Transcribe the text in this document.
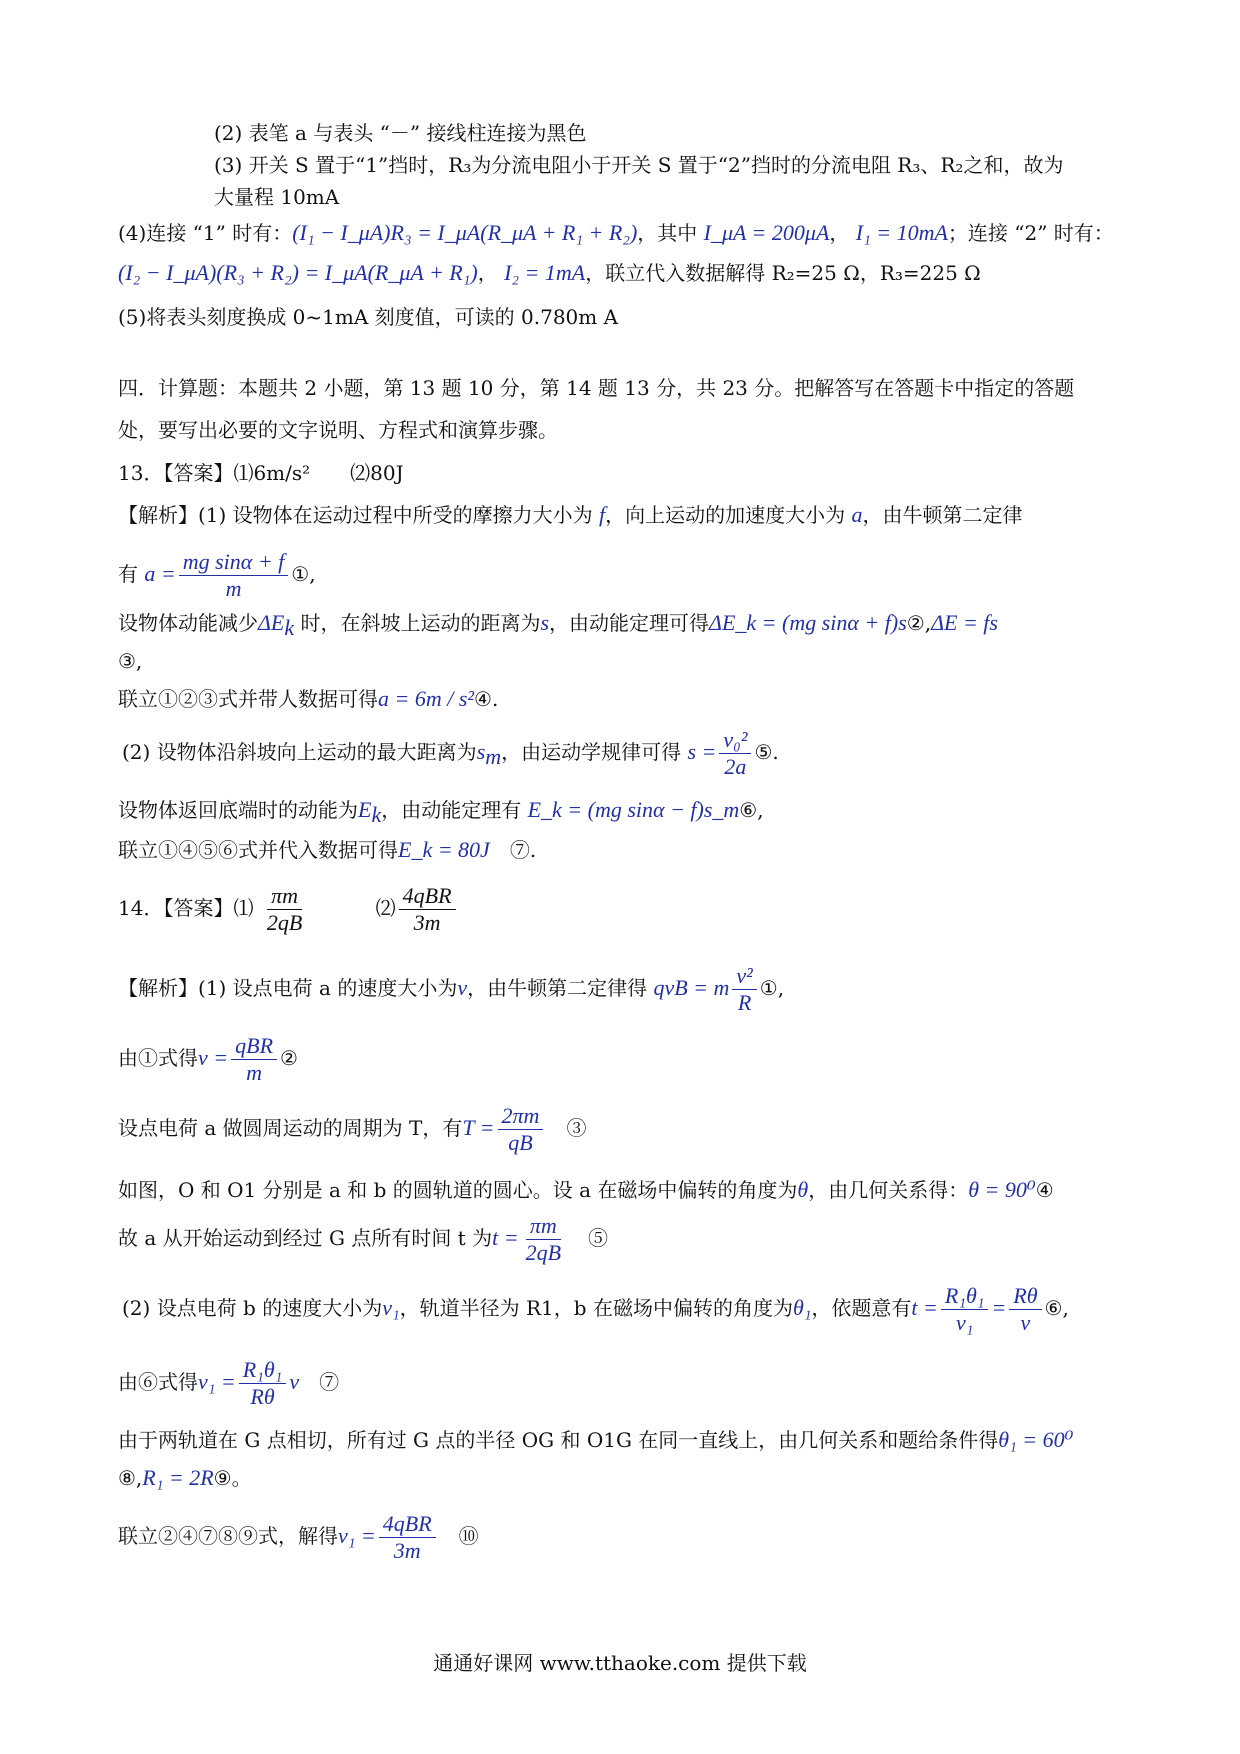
(2) 表笔 a 与表头 “－” 接线柱连接为黑色
(3) 开关 S 置于“1”挡时，R₃为分流电阻小于开关 S 置于“2”挡时的分流电阻 R₃、R₂之和，故为
大量程 10mA
(4)连接 “1” 时有：(I₁ − I_μA)R₃ = I_μA(R_μA + R₁ + R₂)，其中 I_μA = 200μA， I₁ = 10mA；连接 “2” 时有：
(I₂ − I_μA)(R₃ + R₂) = I_μA(R_μA + R₁)， I₂ = 1mA，联立代入数据解得 R₂=25 Ω，R₃=225 Ω
(5)将表头刻度换成 0~1mA 刻度值，可读的 0.780m A
四．计算题：本题共 2 小题，第 13 题 10 分，第 14 题 13 分，共 23 分。把解答写在答题卡中指定的答题
处，要写出必要的文字说明、方程式和演算步骤。
13．【答案】⑴6m/s²　　⑵80J
【解析】(1) 设物体在运动过程中所受的摩擦力大小为 f，向上运动的加速度大小为 a，由牛顿第二定律
有 $a = \frac{\text{mg sinα + f}}{m}$ ①,
设物体动能减少$\Delta E_k$ 时，在斜坡上运动的距离为s，由动能定理可得ΔE_k = (mg sinα + f)s②,ΔE = fs
③,
联立①②③式并带人数据可得a = 6m / s²④.
(2) 设物体沿斜坡向上运动的最大距离为$s_m$，由运动学规律可得 $s = \frac{\text{v₀²}}{2a}$ ⑤.
设物体返回底端时的动能为$E_k$，由动能定理有 E_k = (mg sinα − f)s_m⑥,
联立①④⑤⑥式并代入数据可得E_k = 80J　 ⑦.
14．【答案】⑴ $\frac{\pi m}{2qB}$
　　　	⑵ $\frac{\text{4qBR}}{3m}$
【解析】(1) 设点电荷 a 的速度大小为v，由牛顿第二定律得 qvB = m $\frac{\text{v²}}{R}$ ①,
由①式得$v = \frac{\text{qBR}}{m}$ ②
设点电荷 a 做圆周运动的周期为 T，有$T = \frac{2\pi m}{qB}$
　 ③
如图，O 和 O1 分别是 a 和 b 的圆轨道的圆心。设 a 在磁场中偏转的角度为θ，由几何关系得：θ = 90⁰④
故 a 从开始运动到经过 G 点所有时间 t 为$t = \frac{\pi m}{2qB}$
　 ⑤
(2) 设点电荷 b 的速度大小为v₁，轨道半径为 R1，b 在磁场中偏转的角度为θ₁，依题意有$t = \frac{\text{R₁θ₁}}{\text{v₁}} = \frac{R\theta}{v}$ ⑥,
由⑥式得$v_1 = \frac{\text{R₁θ₁}}{R\theta}$ v　 ⑦
由于两轨道在 G 点相切，所有过 G 点的半径 OG 和 O1G 在同一直线上，由几何关系和题给条件得θ₁ = 60⁰
⑧,R₁ = 2R⑨。
联立②④⑦⑧⑨式，解得$v_1 = \frac{\text{4qBR}}{3m}$
　 ⑩
通通好课网 www.tthaoke.com 提供下载
